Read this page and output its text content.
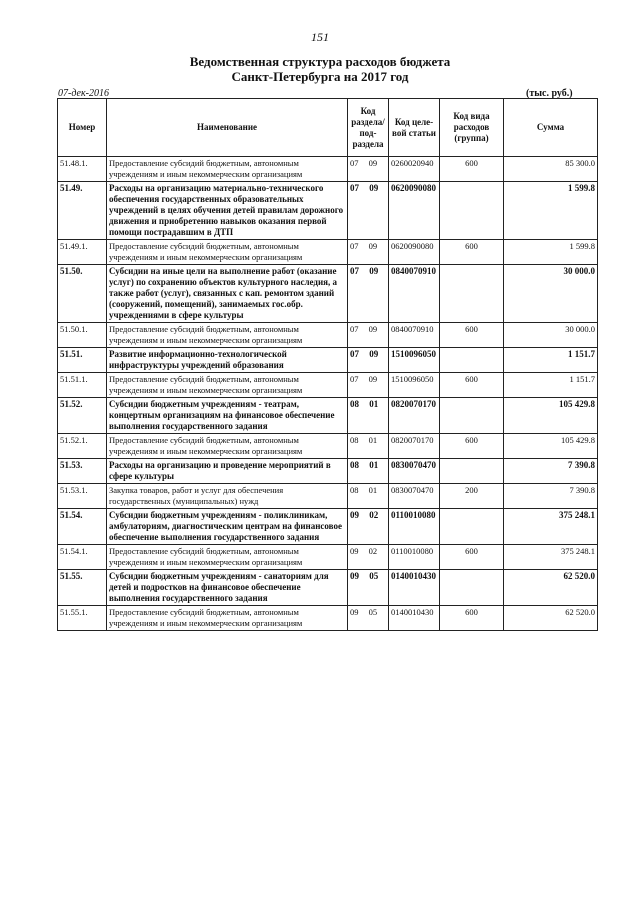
151
Ведомственная структура расходов бюджета
Санкт-Петербурга на 2017 год
07-дек-2016	(тыс. руб.)
Номер	Наименование	Код раздела/ под- раздела	Код целе- вой статьи	Код вида расходов (группа)	Сумма
51.48.1.	Предоставление субсидий бюджетным, автономным учреждениям и иным некоммерческим организациям	07 09	0260020940	600	85 300.0
51.49.	Расходы на организацию материально-технического обеспечения государственных образовательных учреждений в целях обучения детей правилам дорожного движения и приобретению навыков оказания первой помощи пострадавшим в ДТП	07 09	0620090080		1 599.8
51.49.1.	Предоставление субсидий бюджетным, автономным учреждениям и иным некоммерческим организациям	07 09	0620090080	600	1 599.8
51.50.	Субсидии на иные цели на выполнение работ (оказание услуг) по сохранению объектов культурного наследия, а также работ (услуг), связанных с кап. ремонтом зданий (сооружений, помещений), занимаемых гос.обр. учреждениями в сфере культуры	07 09	0840070910		30 000.0
51.50.1.	Предоставление субсидий бюджетным, автономным учреждениям и иным некоммерческим организациям	07 09	0840070910	600	30 000.0
51.51.	Развитие информационно-технологической инфраструктуры учреждений образования	07 09	1510096050		1 151.7
51.51.1.	Предоставление субсидий бюджетным, автономным учреждениям и иным некоммерческим организациям	07 09	1510096050	600	1 151.7
51.52.	Субсидии бюджетным учреждениям - театрам, концертным организациям на финансовое обеспечение выполнения государственного задания	08 01	0820070170		105 429.8
51.52.1.	Предоставление субсидий бюджетным, автономным учреждениям и иным некоммерческим организациям	08 01	0820070170	600	105 429.8
51.53.	Расходы на организацию и проведение мероприятий в сфере культуры	08 01	0830070470		7 390.8
51.53.1.	Закупка товаров, работ и услуг для обеспечения государственных (муниципальных) нужд	08 01	0830070470	200	7 390.8
51.54.	Субсидии бюджетным учреждениям - поликлиникам, амбулаториям, диагностическим центрам на финансовое обеспечение выполнения государственного задания	09 02	0110010080		375 248.1
51.54.1.	Предоставление субсидий бюджетным, автономным учреждениям и иным некоммерческим организациям	09 02	0110010080	600	375 248.1
51.55.	Субсидии бюджетным учреждениям - санаториям для детей и подростков на финансовое обеспечение выполнения государственного задания	09 05	0140010430		62 520.0
51.55.1.	Предоставление субсидий бюджетным, автономным учреждениям и иным некоммерческим организациям	09 05	0140010430	600	62 520.0
